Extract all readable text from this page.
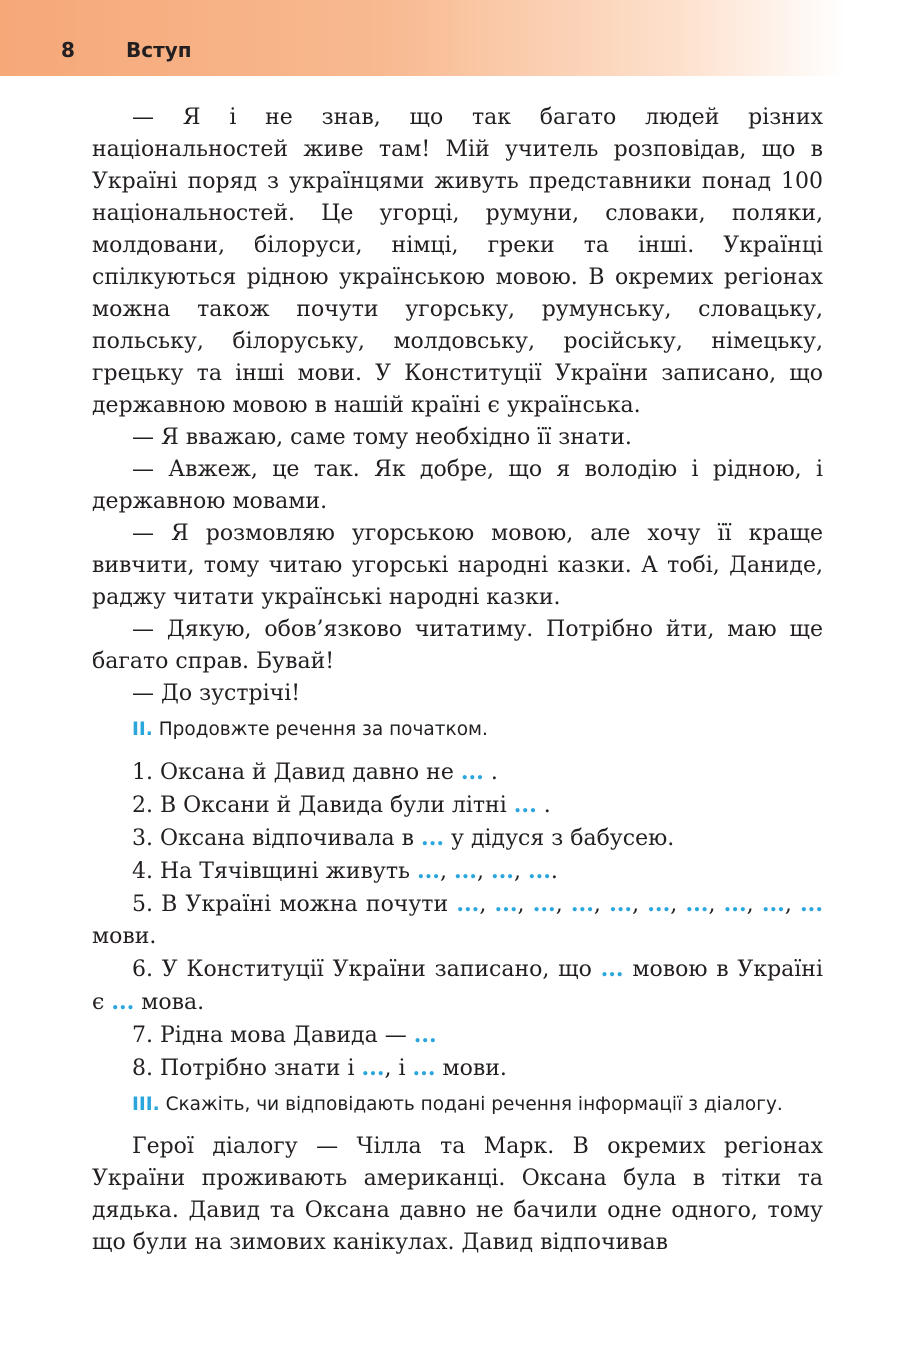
8	Вступ

— Я і не знав, що так багато людей різних національностей живе там! Мій учитель розповідав, що в Україні поряд з українцями живуть представники понад 100 національностей. Це угорці, румуни, словаки, поляки, молдовани, білоруси, німці, греки та інші. Українці спілкуються рідною українською мовою. В окремих регіонах можна також почути угорську, румунську, словацьку, польську, білоруську, молдовську, російську, німецьку, грецьку та інші мови. У Конституції України записано, що державною мовою в нашій країні є українська.

— Я вважаю, саме тому необхідно її знати.

— Авжеж, це так. Як добре, що я володію і рідною, і державною мовами.

— Я розмовляю угорською мовою, але хочу її краще вивчити, тому читаю угорські народні казки. А тобі, Даниде, раджу читати українські народні казки.

— Дякую, обов’язково читатиму. Потрібно йти, маю ще багато справ. Бувай!

— До зустрічі!

II. Продовжте речення за початком.

1. Оксана й Давид давно не ... .

2. В Оксани й Давида були літні ... .

3. Оксана відпочивала в ... у дідуся з бабусею.

4. На Тячівщині живуть ..., ..., ..., ....

5. В Україні можна почути ..., ..., ..., ..., ..., ..., ..., ..., ..., ... мови.

6. У Конституції України записано, що ... мовою в Україні є ... мова.

7. Рідна мова Давида — ...

8. Потрібно знати і ..., і ... мови.

III. Скажіть, чи відповідають подані речення інформації з діалогу.

Герої діалогу — Чілла та Марк. В окремих регіонах України проживають американці. Оксана була в тітки та дядька. Давид та Оксана давно не бачили одне одного, тому що були на зимових канікулах. Давид відпочивав
